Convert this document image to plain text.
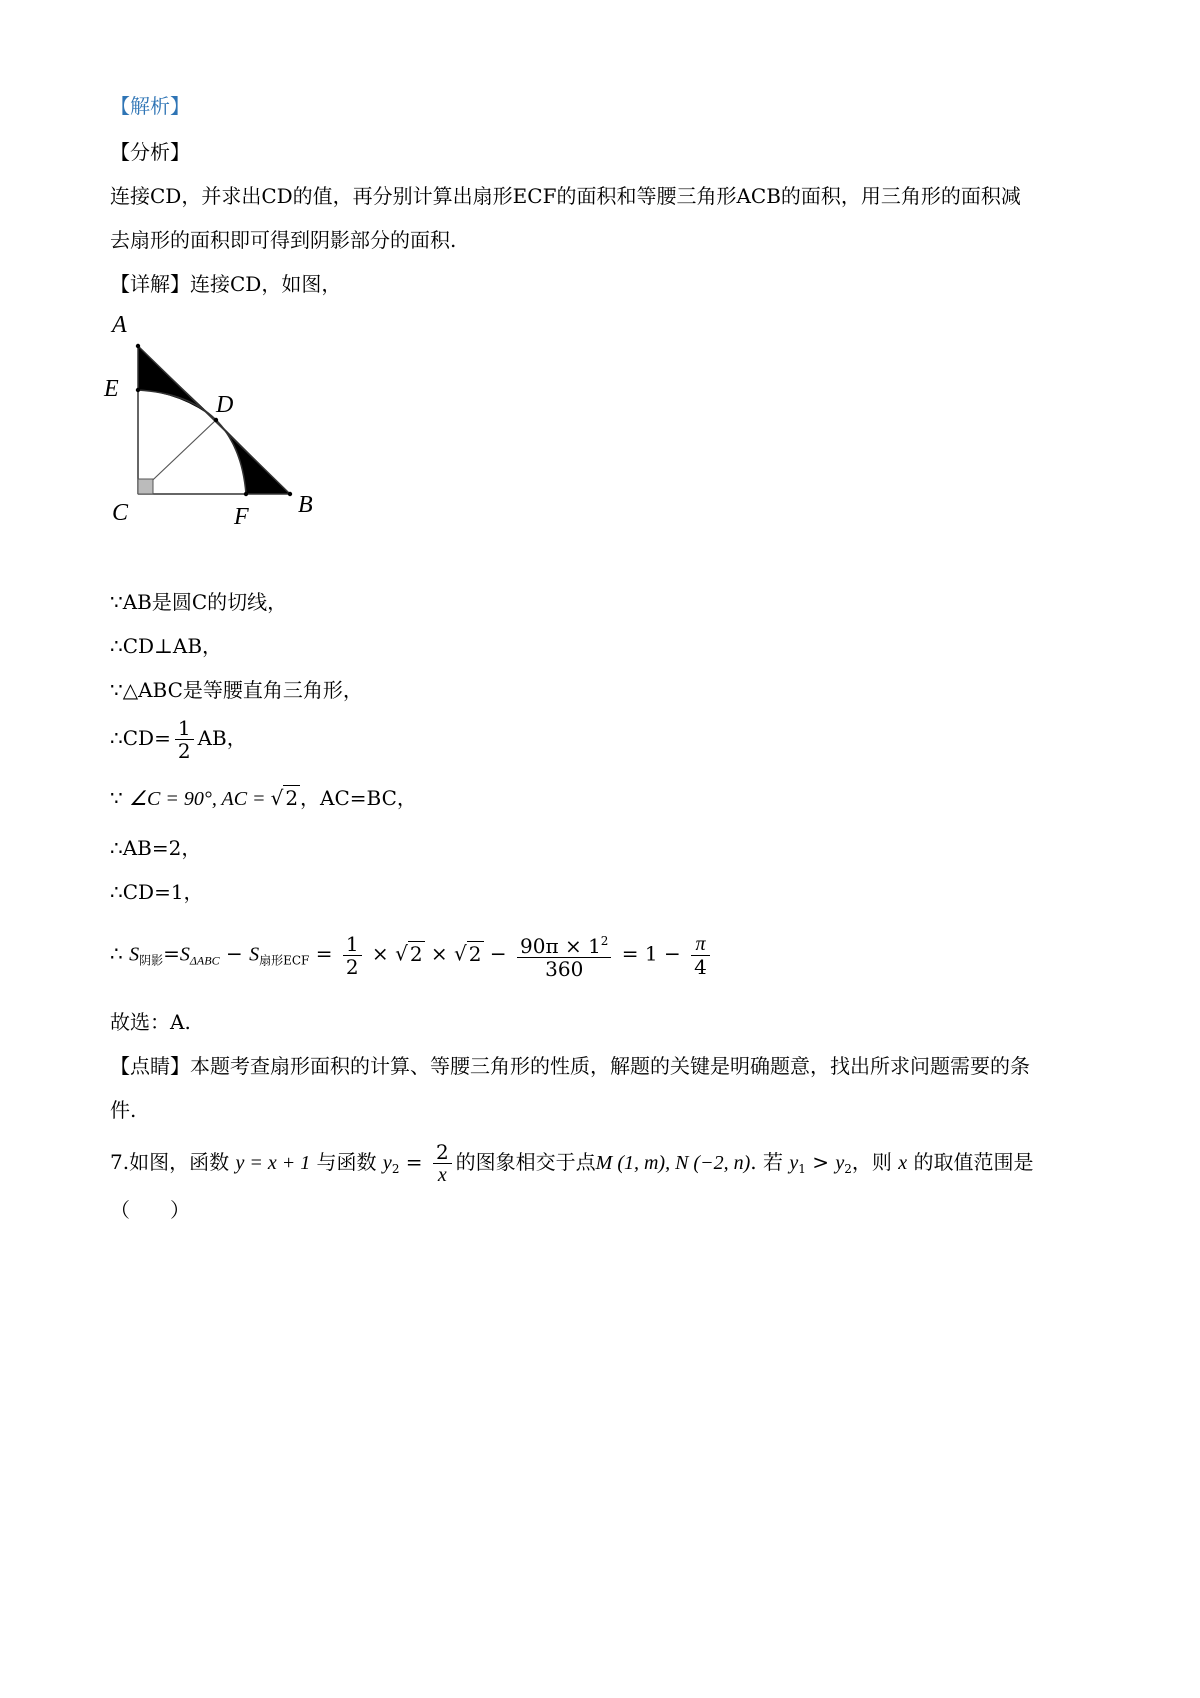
【解析】
【分析】
连接CD，并求出CD的值，再分别计算出扇形ECF的面积和等腰三角形ACB的面积，用三角形的面积减
去扇形的面积即可得到阴影部分的面积.
【详解】连接CD，如图，
A
E
D
C	F B
∵AB是圆C的切线，
∴CD⊥AB，
∵△ABC是等腰直角三角形，
∴CD= $\frac{1}{2}$ AB，
∵ ∠C = 90°, AC = √ 2 ，AC=BC，
∴AB=2，
∴CD=1，
∴ $S_{阴影}=S_{\Delta ABC} - S_{扇形ECF} = \frac{1}{2}$ × √ 2 × √ $2 - \frac{90\pi \times 1^2}{360} = 1 - \frac{\pi}{4}$
故选：A.
【点睛】本题考查扇形面积的计算、等腰三角形的性质，解题的关键是明确题意，找出所求问题需要的条
件.
7.如图，函数 y = x + 1 与函数 $y_2 = \frac{2}{x}$ 的图象相交于点M (1, m), N (−2, n). 若 $y_1 > y_2$，则 x 的取值范围是
（　　）
